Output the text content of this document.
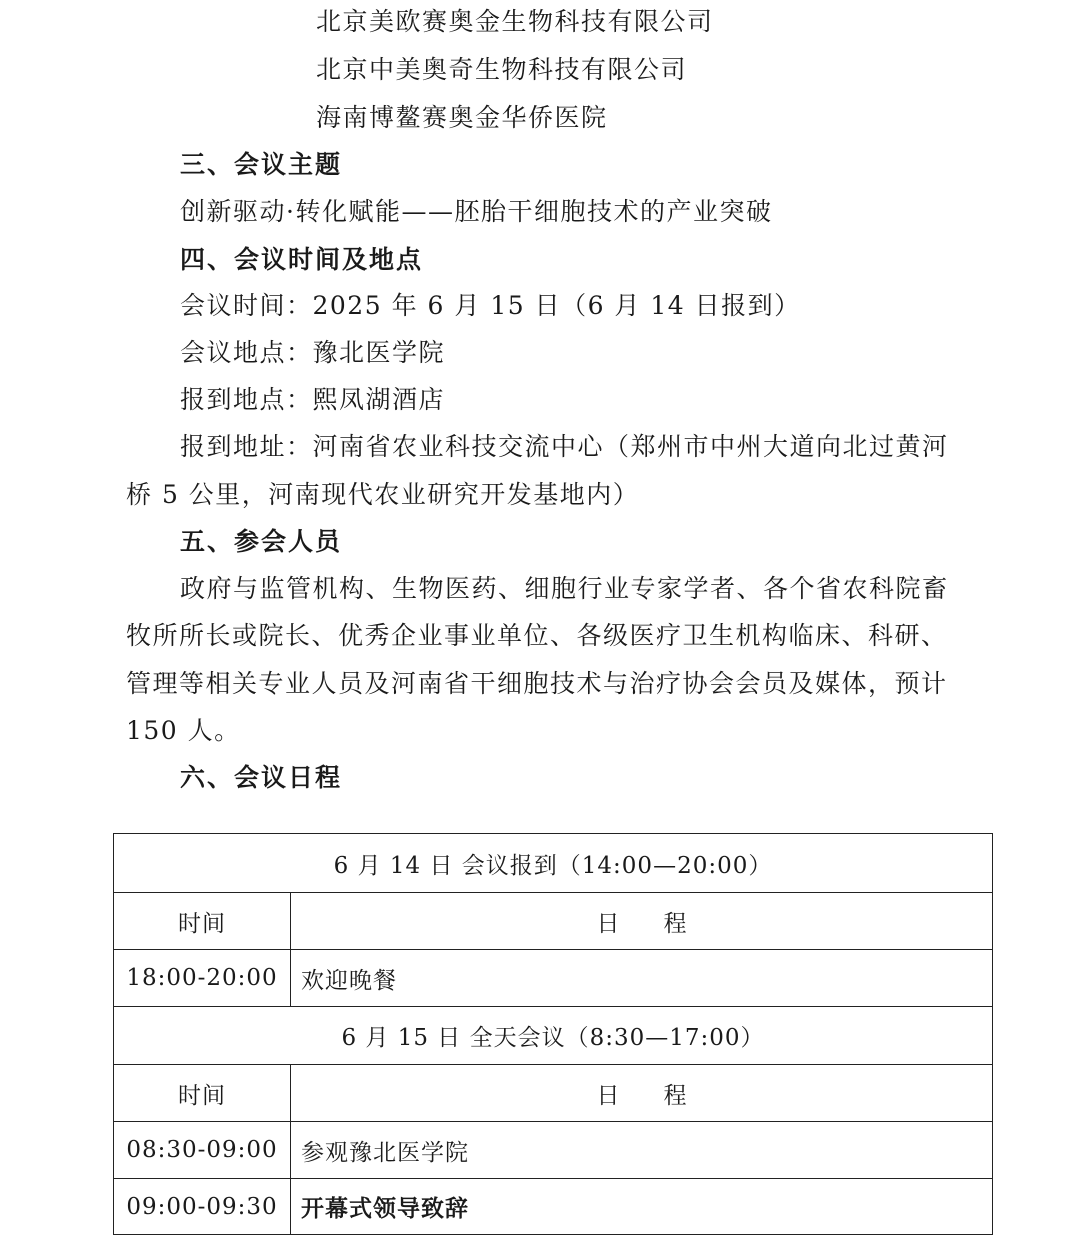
北京美欧赛奥金生物科技有限公司
北京中美奥奇生物科技有限公司
海南博鳌赛奥金华侨医院
三、会议主题
创新驱动·转化赋能——胚胎干细胞技术的产业突破
四、会议时间及地点
会议时间：2025 年 6 月 15 日（6 月 14 日报到）
会议地点：豫北医学院
报到地点：熙凤湖酒店
报到地址：河南省农业科技交流中心（郑州市中州大道向北过黄河
桥 5 公里，河南现代农业研究开发基地内）
五、参会人员
政府与监管机构、生物医药、细胞行业专家学者、各个省农科院畜
牧所所长或院长、优秀企业事业单位、各级医疗卫生机构临床、科研、
管理等相关专业人员及河南省干细胞技术与治疗协会会员及媒体，预计
150 人。
六、会议日程
6 月 14 日 会议报到（14:00—20:00）
时间	日程
18:00-20:00	欢迎晚餐
6 月 15 日 全天会议（8:30—17:00）
时间	日程
08:30-09:00	参观豫北医学院
09:00-09:30	开幕式领导致辞
